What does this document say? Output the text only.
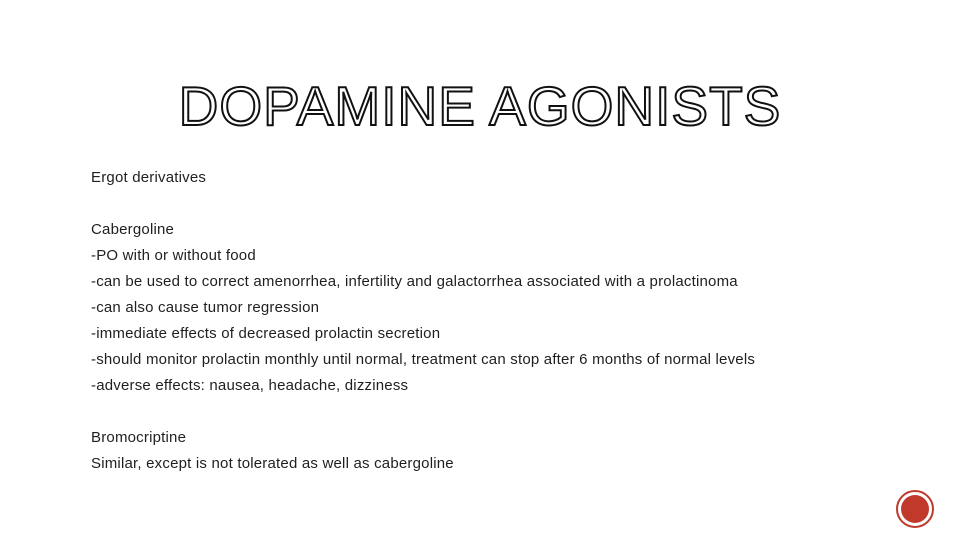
DOPAMINE AGONISTS
Ergot derivatives
Cabergoline
-PO with or without food
-can be used to correct amenorrhea, infertility and galactorrhea associated with a prolactinoma
-can also cause tumor regression
-immediate effects of decreased prolactin secretion
-should monitor prolactin monthly until normal, treatment can stop after 6 months of normal levels
-adverse effects: nausea, headache, dizziness
Bromocriptine
Similar, except is not tolerated as well as cabergoline
